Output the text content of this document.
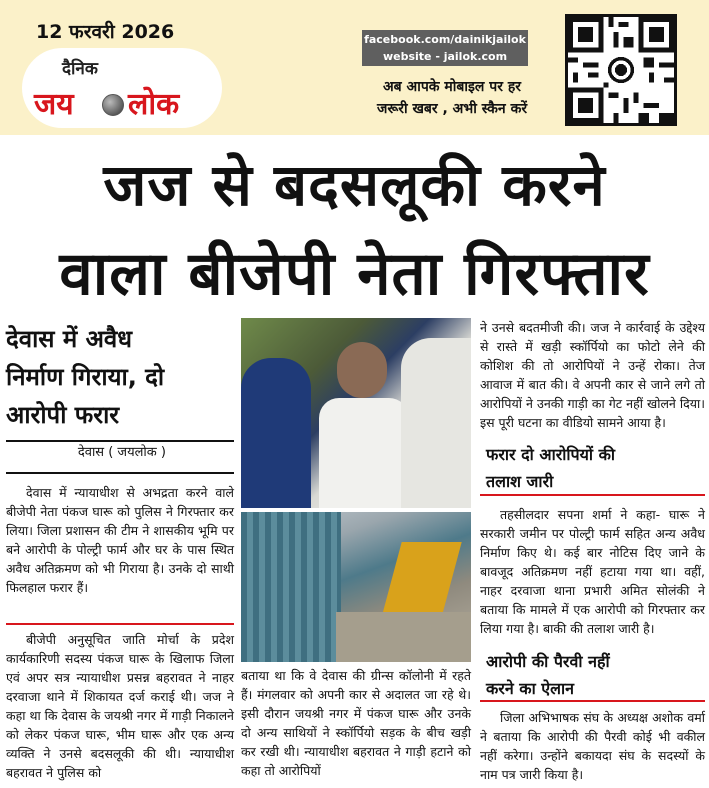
12 फरवरी 2026
दैनिक
जय लोक
facebook.com/dainikjailok
website - jailok.com
अब आपके मोबाइल पर हर
जरूरी खबर , अभी स्कैन करें
जज से बदसलूकी करने
वाला बीजेपी नेता गिरफ्तार
देवास में अवैध
निर्माण गिराया, दो
आरोपी फरार
देवास ( जयलोक )
देवास में न्यायाधीश से अभद्रता करने वाले बीजेपी नेता पंकज घारू को पुलिस ने गिरफ्तार कर लिया। जिला प्रशासन की टीम ने शासकीय भूमि पर बने आरोपी के पोल्ट्री फार्म और घर के पास स्थित अवैध अतिक्रमण को भी गिराया है। उनके दो साथी फिलहाल फरार हैं।
बीजेपी अनुसूचित जाति मोर्चा के प्रदेश कार्यकारिणी सदस्य पंकज घारू के खिलाफ जिला एवं अपर सत्र न्यायाधीश प्रसन्न बहरावत ने नाहर दरवाजा थाने में शिकायत दर्ज कराई थी। जज ने कहा था कि देवास के जयश्री नगर में गाड़ी निकालने को लेकर पंकज घारू, भीम घारू और एक अन्य व्यक्ति ने उनसे बदसलूकी की थी। न्यायाधीश बहरावत ने पुलिस को
बताया था कि वे देवास की ग्रीन्स कॉलोनी में रहते हैं। मंगलवार को अपनी कार से अदालत जा रहे थे। इसी दौरान जयश्री नगर में पंकज घारू और उनके दो अन्य साथियों ने स्कॉर्पियो सड़क के बीच खड़ी कर रखी थी। न्यायाधीश बहरावत ने गाड़ी हटाने को कहा तो आरोपियों
ने उनसे बदतमीजी की। जज ने कार्रवाई के उद्देश्य से रास्ते में खड़ी स्कॉर्पियो का फोटो लेने की कोशिश की तो आरोपियों ने उन्हें रोका। तेज आवाज में बात की। वे अपनी कार से जाने लगे तो आरोपियों ने उनकी गाड़ी का गेट नहीं खोलने दिया। इस पूरी घटना का वीडियो सामने आया है।
फरार दो आरोपियों की
तलाश जारी
तहसीलदार सपना शर्मा ने कहा- घारू ने सरकारी जमीन पर पोल्ट्री फार्म सहित अन्य अवैध निर्माण किए थे। कई बार नोटिस दिए जाने के बावजूद अतिक्रमण नहीं हटाया गया था। वहीं, नाहर दरवाजा थाना प्रभारी अमित सोलंकी ने बताया कि मामले में एक आरोपी को गिरफ्तार कर लिया गया है। बाकी की तलाश जारी है।
आरोपी की पैरवी नहीं
करने का ऐलान
जिला अभिभाषक संघ के अध्यक्ष अशोक वर्मा ने बताया कि आरोपी की पैरवी कोई भी वकील नहीं करेगा। उन्होंने बकायदा संघ के सदस्यों के नाम पत्र जारी किया है।
